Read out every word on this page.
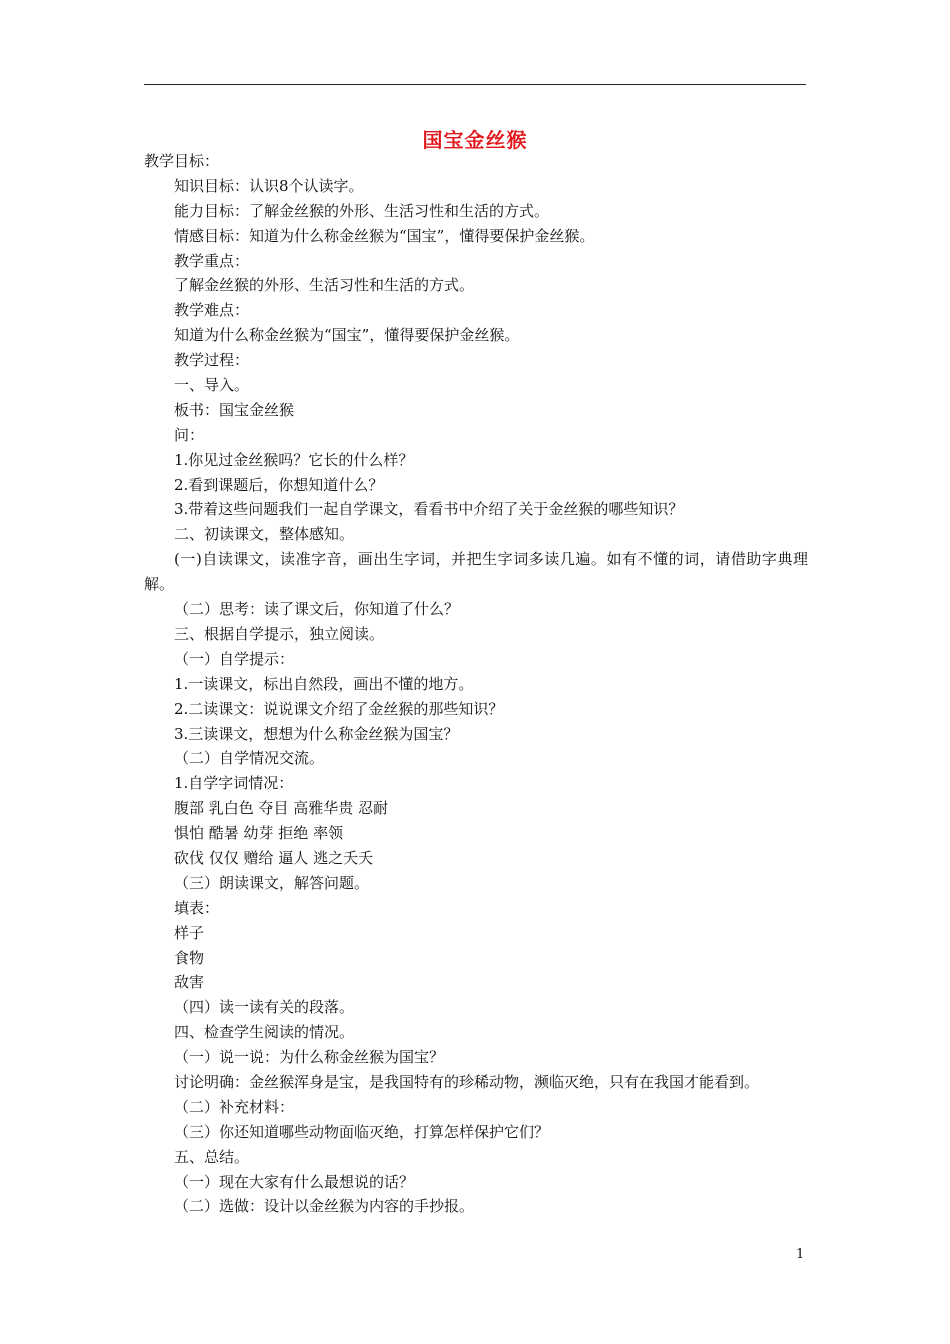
国宝金丝猴
教学目标：
知识目标：认识8个认读字。
能力目标：了解金丝猴的外形、生活习性和生活的方式。
情感目标：知道为什么称金丝猴为“国宝”，懂得要保护金丝猴。
教学重点：
了解金丝猴的外形、生活习性和生活的方式。
教学难点：
知道为什么称金丝猴为“国宝”，懂得要保护金丝猴。
教学过程：
一、导入。
板书：国宝金丝猴
问：
1.你见过金丝猴吗？它长的什么样？
2.看到课题后，你想知道什么？
3.带着这些问题我们一起自学课文，看看书中介绍了关于金丝猴的哪些知识？
二、初读课文，整体感知。
(一)自读课文，读准字音，画出生字词，并把生字词多读几遍。如有不懂的词，请借助字典理解。
（二）思考：读了课文后，你知道了什么？
三、根据自学提示，独立阅读。
（一）自学提示：
1.一读课文，标出自然段，画出不懂的地方。
2.二读课文：说说课文介绍了金丝猴的那些知识？
3.三读课文，想想为什么称金丝猴为国宝？
（二）自学情况交流。
1.自学字词情况：
腹部 乳白色 夺目 高雅华贵 忍耐
惧怕 酷暑 幼芽 拒绝 率领
砍伐 仅仅 赠给 逼人 逃之夭夭
（三）朗读课文，解答问题。
填表：
样子
食物
敌害
（四）读一读有关的段落。
四、检查学生阅读的情况。
（一）说一说：为什么称金丝猴为国宝？
讨论明确：金丝猴浑身是宝，是我国特有的珍稀动物，濒临灭绝，只有在我国才能看到。
（二）补充材料：
（三）你还知道哪些动物面临灭绝，打算怎样保护它们？
五、总结。
（一）现在大家有什么最想说的话？
（二）选做：设计以金丝猴为内容的手抄报。
1
